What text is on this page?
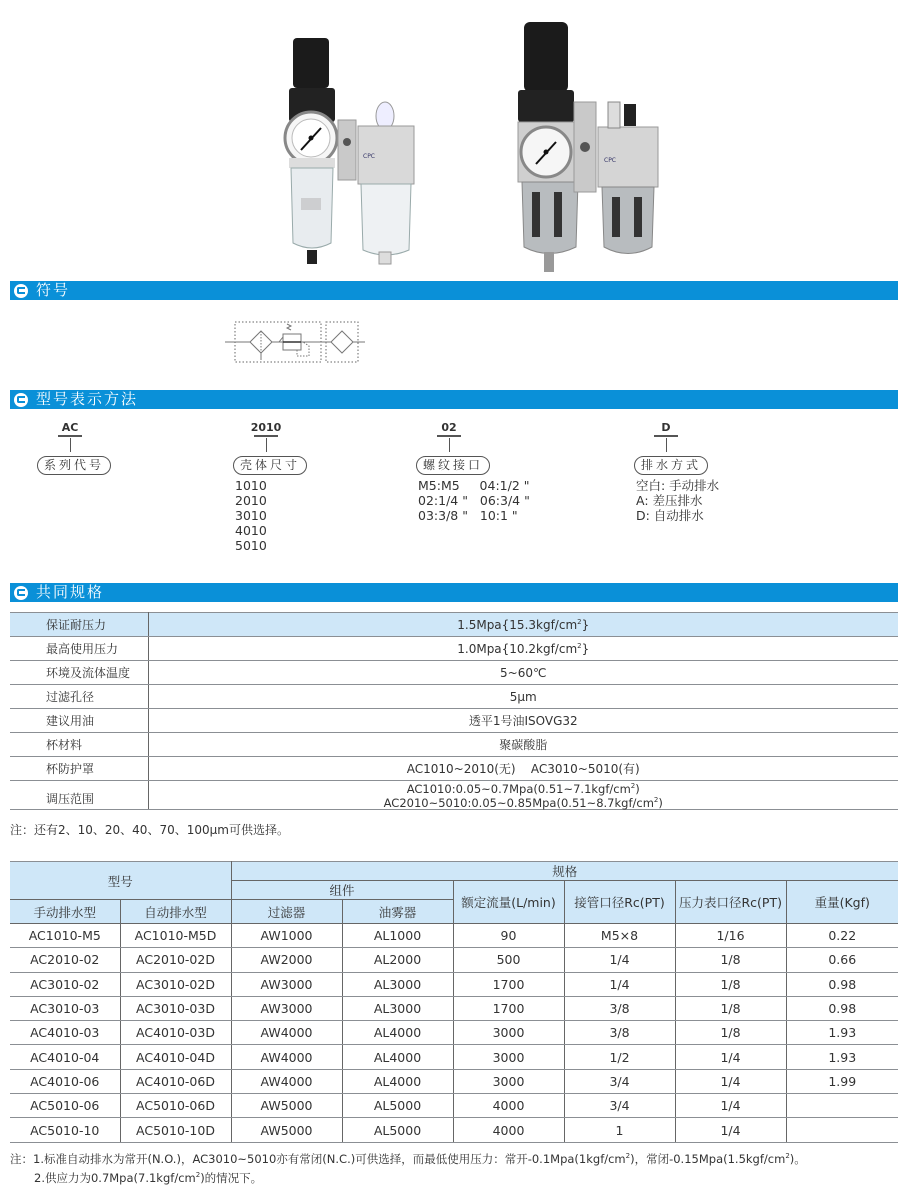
CPC
CPC
符号
型号表示方法
AC
系列代号
2010
壳体尺寸
1010
2010
3010
4010
5010
02
螺纹接口
M5:M5     04:1/2 "
02:1/4 "   06:3/4 "
03:3/8 "   10:1 "
D
排水方式
空白: 手动排水
A: 差压排水
D: 自动排水
共同规格
保证耐压力	$1.5Mpa\{15.3kgf/cm^2\}$
最高使用压力	$1.0Mpa\{10.2kgf/cm^2\}$
环境及流体温度	5~60℃
过滤孔径	5μm
建议用油	透平1号油ISOVG32
杯材料	聚碳酸脂
杯防护罩	AC1010~2010(无)    AC3010~5010(有)
调压范围	$AC1010:0.05\sim 0.7Mpa(0.51\sim 7.1kgf/cm^2)$
$AC2010\sim 5010:0.05\sim 0.85Mpa(0.51\sim 8.7kgf/cm^2)$
注：还有2、10、20、40、70、100μm可供选择。
型号		规格					
		组件		额定流量(L/min)	接管口径Rc(PT)	压力表口径Rc(PT)	重量(Kgf)
手动排水型	自动排水型	过滤器	油雾器				
AC1010-M5	AC1010-M5D	AW1000	AL1000	90	M5×8	1/16	0.22
AC2010-02	AC2010-02D	AW2000	AL2000	500	1/4	1/8	0.66
AC3010-02	AC3010-02D	AW3000	AL3000	1700	1/4	1/8	0.98
AC3010-03	AC3010-03D	AW3000	AL3000	1700	3/8	1/8	0.98
AC4010-03	AC4010-03D	AW4000	AL4000	3000	3/8	1/8	1.93
AC4010-04	AC4010-04D	AW4000	AL4000	3000	1/2	1/4	1.93
AC4010-06	AC4010-06D	AW4000	AL4000	3000	3/4	1/4	1.99
AC5010-06	AC5010-06D	AW5000	AL5000	4000	3/4	1/4	
AC5010-10	AC5010-10D	AW5000	AL5000	4000	1	1/4	
注：1.标准自动排水为常开(N.O.)，AC3010~5010亦有常闭(N.C.)可供选择，而最低使用压力：常开$-0.1Mpa(1kgf/cm^2)$，常闭$-0.15Mpa(1.5kgf/cm^2)$。
2.供应力为$0.7Mpa(7.1kgf/cm^2)$的情况下。
